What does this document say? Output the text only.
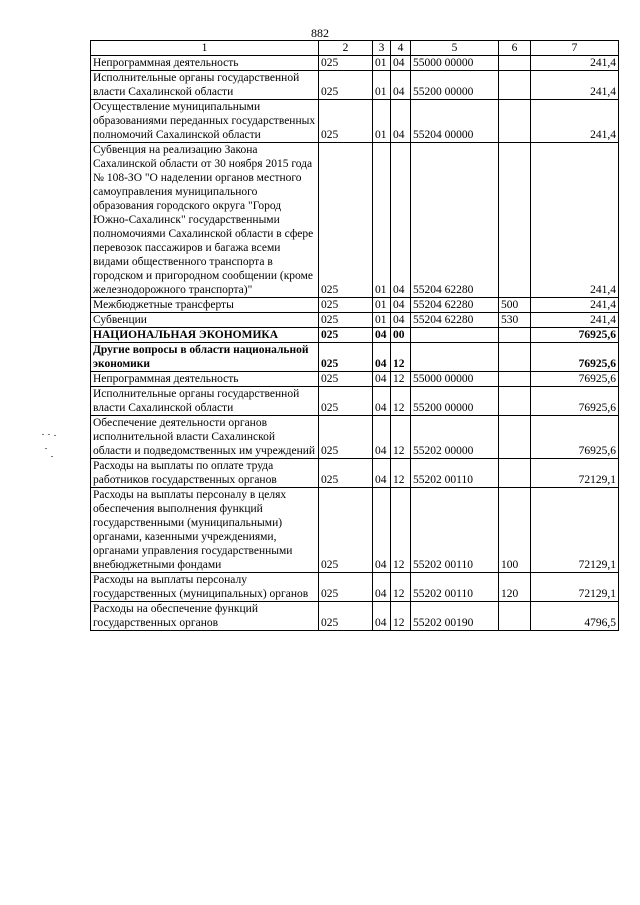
882
1	2	3	4	5	6	7
Непрограммная деятельность	025	01	04	55000 00000		241,4
Исполнительные органы государственной власти Сахалинской области	025	01	04	55200 00000		241,4
Осуществление муниципальными образованиями переданных государственных полномочий Сахалинской области	025	01	04	55204 00000		241,4
Субвенция на реализацию Закона Сахалинской области от 30 ноября 2015 года № 108-ЗО "О наделении органов местного самоуправления муниципального образования городского округа "Город Южно-Сахалинск" государственными полномочиями Сахалинской области в сфере перевозок пассажиров и багажа всеми видами общественного транспорта в городском и пригородном сообщении (кроме железнодорожного транспорта)"	025	01	04	55204 62280		241,4
Межбюджетные трансферты	025	01	04	55204 62280	500	241,4
Субвенции	025	01	04	55204 62280	530	241,4
НАЦИОНАЛЬНАЯ ЭКОНОМИКА	025	04	00			76925,6
Другие вопросы в области национальной экономики	025	04	12			76925,6
Непрограммная деятельность	025	04	12	55000 00000		76925,6
Исполнительные органы государственной власти Сахалинской области	025	04	12	55200 00000		76925,6
Обеспечение деятельности органов исполнительной власти Сахалинской области и подведомственных им учреждений	025	04	12	55202 00000		76925,6
Расходы на выплаты по оплате труда работников государственных органов	025	04	12	55202 00110		72129,1
Расходы на выплаты персоналу в целях обеспечения выполнения функций государственными (муниципальными) органами, казенными учреждениями, органами управления государственными внебюджетными фондами	025	04	12	55202 00110	100	72129,1
Расходы на выплаты персоналу государственных (муниципальных) органов	025	04	12	55202 00110	120	72129,1
Расходы на обеспечение функций государственных органов	025	04	12	55202 00190		4796,5
